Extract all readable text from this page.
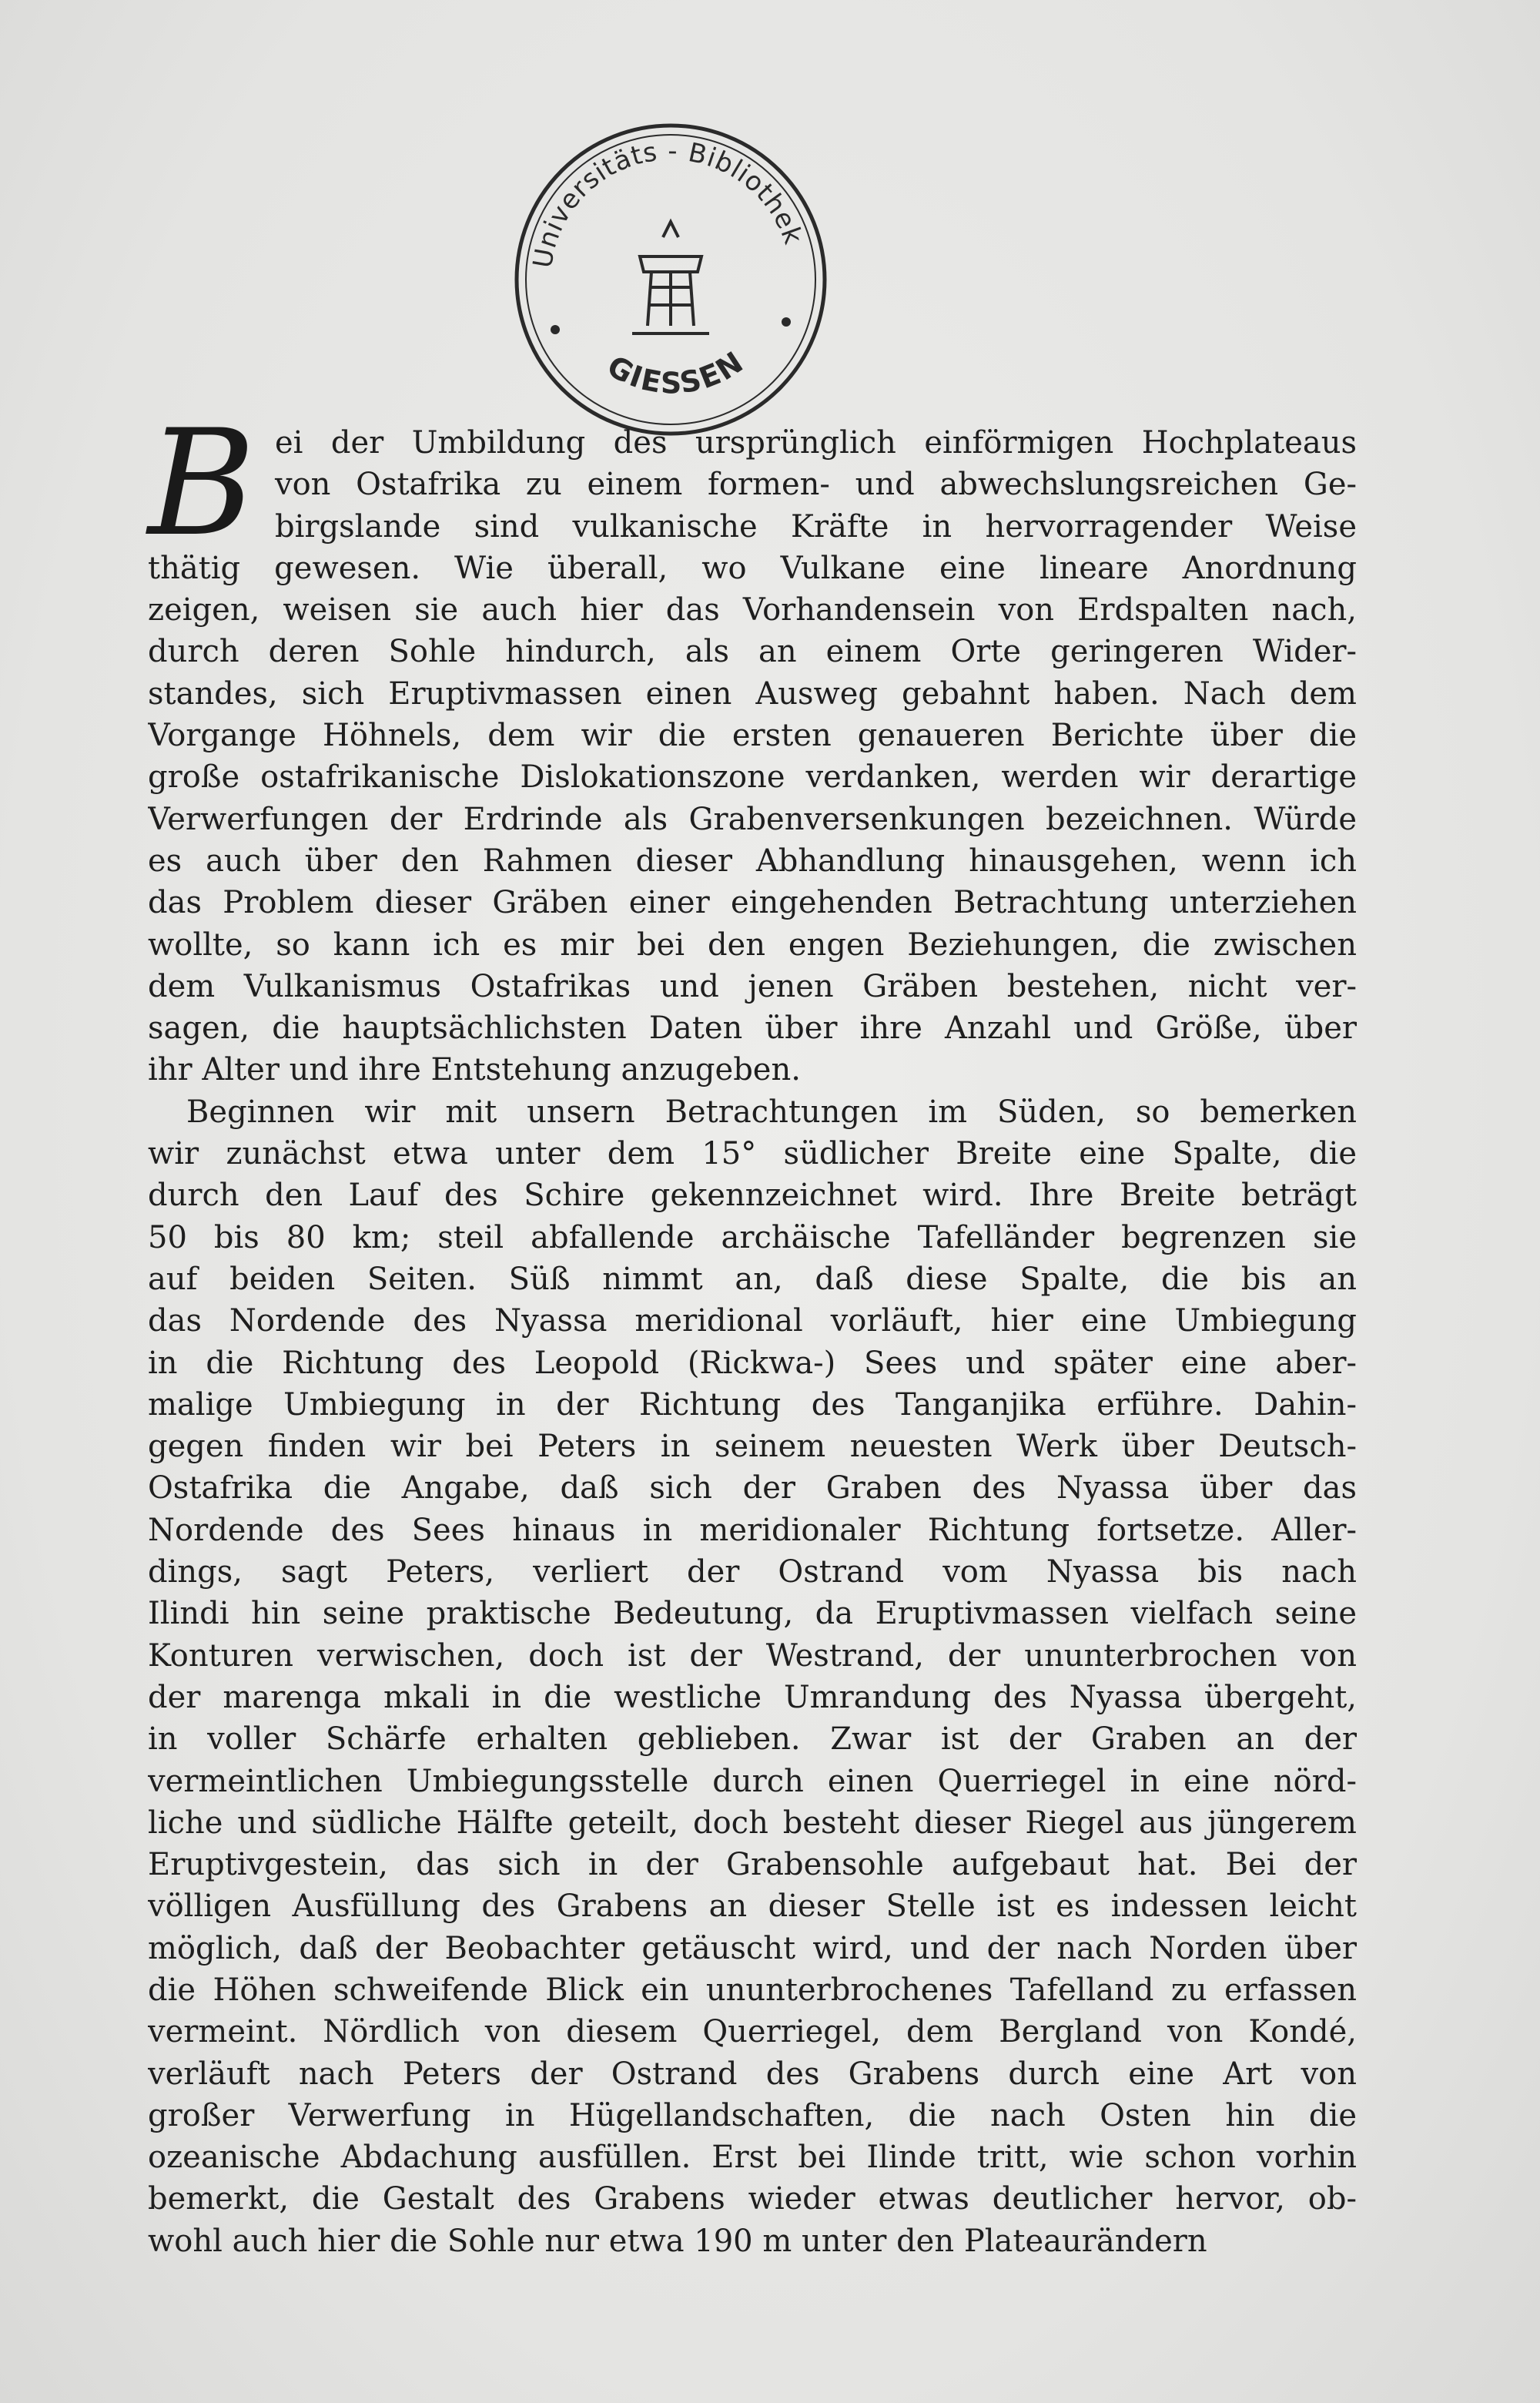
Universitäts - Bibliothek
GIESSEN
B ei der Umbildung des ursprünglich einförmigen Hochplateaus
von Ostafrika zu einem formen- und abwechslungsreichen Ge-
birgslande sind vulkanische Kräfte in hervorragender Weise
thätig gewesen. Wie überall, wo Vulkane eine lineare Anordnung
zeigen, weisen sie auch hier das Vorhandensein von Erdspalten nach,
durch deren Sohle hindurch, als an einem Orte geringeren Wider-
standes, sich Eruptivmassen einen Ausweg gebahnt haben. Nach dem
Vorgange Höhnels, dem wir die ersten genaueren Berichte über die
große ostafrikanische Dislokationszone verdanken, werden wir derartige
Verwerfungen der Erdrinde als Grabenversenkungen bezeichnen. Würde
es auch über den Rahmen dieser Abhandlung hinausgehen, wenn ich
das Problem dieser Gräben einer eingehenden Betrachtung unterziehen
wollte, so kann ich es mir bei den engen Beziehungen, die zwischen
dem Vulkanismus Ostafrikas und jenen Gräben bestehen, nicht ver-
sagen, die hauptsächlichsten Daten über ihre Anzahl und Größe, über
ihr Alter und ihre Entstehung anzugeben.
Beginnen wir mit unsern Betrachtungen im Süden, so bemerken
wir zunächst etwa unter dem 15° südlicher Breite eine Spalte, die
durch den Lauf des Schire gekennzeichnet wird. Ihre Breite beträgt
50 bis 80 km; steil abfallende archäische Tafelländer begrenzen sie
auf beiden Seiten. Süß nimmt an, daß diese Spalte, die bis an
das Nordende des Nyassa meridional vorläuft, hier eine Umbiegung
in die Richtung des Leopold (Rickwa-) Sees und später eine aber-
malige Umbiegung in der Richtung des Tanganjika erführe. Dahin-
gegen finden wir bei Peters in seinem neuesten Werk über Deutsch-
Ostafrika die Angabe, daß sich der Graben des Nyassa über das
Nordende des Sees hinaus in meridionaler Richtung fortsetze. Aller-
dings, sagt Peters, verliert der Ostrand vom Nyassa bis nach
Ilindi hin seine praktische Bedeutung, da Eruptivmassen vielfach seine
Konturen verwischen, doch ist der Westrand, der ununterbrochen von
der marenga mkali in die westliche Umrandung des Nyassa übergeht,
in voller Schärfe erhalten geblieben. Zwar ist der Graben an der
vermeintlichen Umbiegungsstelle durch einen Querriegel in eine nörd-
liche und südliche Hälfte geteilt, doch besteht dieser Riegel aus jüngerem
Eruptivgestein, das sich in der Grabensohle aufgebaut hat. Bei der
völligen Ausfüllung des Grabens an dieser Stelle ist es indessen leicht
möglich, daß der Beobachter getäuscht wird, und der nach Norden über
die Höhen schweifende Blick ein ununterbrochenes Tafelland zu erfassen
vermeint. Nördlich von diesem Querriegel, dem Bergland von Kondé,
verläuft nach Peters der Ostrand des Grabens durch eine Art von
großer Verwerfung in Hügellandschaften, die nach Osten hin die
ozeanische Abdachung ausfüllen. Erst bei Ilinde tritt, wie schon vorhin
bemerkt, die Gestalt des Grabens wieder etwas deutlicher hervor, ob-
wohl auch hier die Sohle nur etwa 190 m unter den Plateaurändern
